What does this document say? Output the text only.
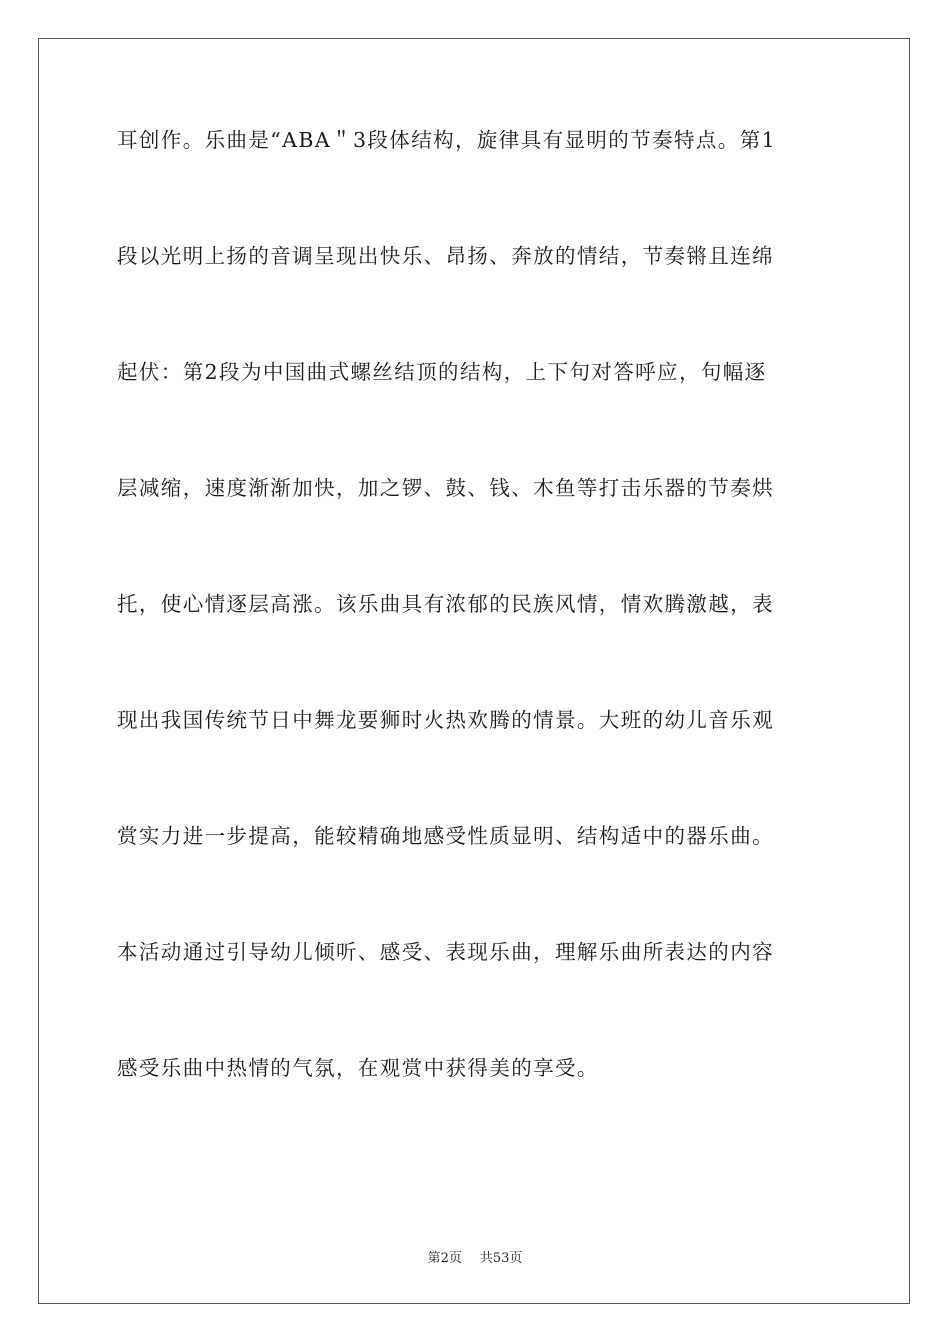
耳创作。乐曲是“ABA＂3段体结构，旋律具有显明的节奏特点。第1
段以光明上扬的音调呈现出快乐、昂扬、奔放的情结，节奏锵且连绵
起伏：第2段为中国曲式螺丝结顶的结构，上下句对答呼应，句幅逐
层减缩，速度渐渐加快，加之锣、鼓、钱、木鱼等打击乐器的节奏烘
托，使心情逐层高涨。该乐曲具有浓郁的民族风情，情欢腾激越，表
现出我国传统节日中舞龙要狮时火热欢腾的情景。大班的幼儿音乐观
赏实力进一步提高，能较精确地感受性质显明、结构适中的器乐曲。
本活动通过引导幼儿倾听、感受、表现乐曲，理解乐曲所表达的内容
感受乐曲中热情的气氛，在观赏中获得美的享受。
第2页 共53页
